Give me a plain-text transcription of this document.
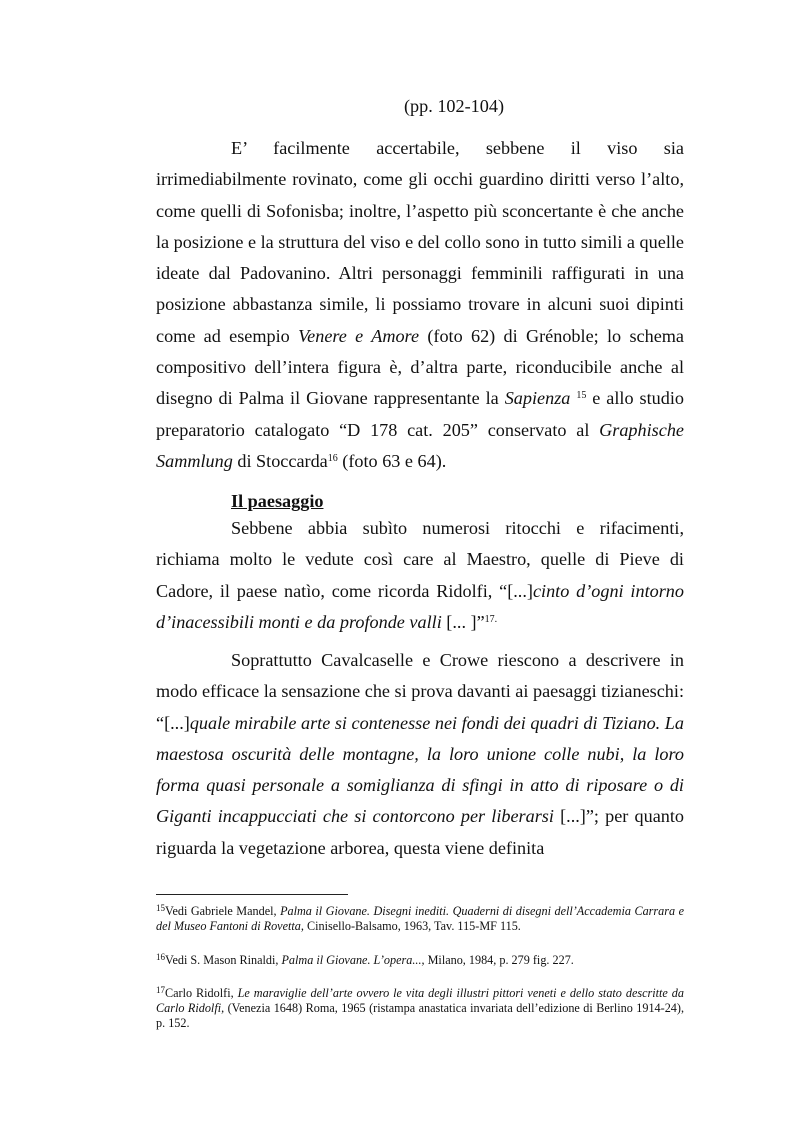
(pp. 102-104)

E’ facilmente accertabile, sebbene il viso sia irrimediabilmente rovinato, come gli occhi guardino diritti verso l’alto, come quelli di Sofonisba; inoltre, l’aspetto più sconcertante è che anche la posizione e la struttura del viso e del collo sono in tutto simili a quelle ideate dal Padovanino. Altri personaggi femminili raffigurati in una posizione abbastanza simile, li possiamo trovare in alcuni suoi dipinti come ad esempio Venere e Amore (foto 62) di Grénoble; lo schema compositivo dell’intera figura è, d’altra parte, riconducibile anche al disegno di Palma il Giovane rappresentante la Sapienza $^{15}$ e allo studio preparatorio catalogato “D 178 cat. 205” conservato al Graphische Sammlung di Stoccarda$^{16}$ (foto 63 e 64).

Il paesaggio

Sebbene abbia subìto numerosi ritocchi e rifacimenti, richiama molto le vedute così care al Maestro, quelle di Pieve di Cadore, il paese natìo, come ricorda Ridolfi, “[...]cinto d’ogni intorno d’inacessibili monti e da profonde valli [... ]”$^{17.}$

Soprattutto Cavalcaselle e Crowe riescono a descrivere in modo efficace la sensazione che si prova davanti ai paesaggi tizianeschi: “[...]quale mirabile arte si contenesse nei fondi dei quadri di Tiziano. La maestosa oscurità delle montagne, la loro unione colle nubi, la loro forma quasi personale a somiglianza di sfingi in atto di riposare o di Giganti incappucciati che si contorcono per liberarsi [...]”; per quanto riguarda la vegetazione arborea, questa viene definita

$^{15}$Vedi Gabriele Mandel, Palma il Giovane. Disegni inediti. Quaderni di disegni dell’Accademia Carrara e del Museo Fantoni di Rovetta, Cinisello-Balsamo, 1963, Tav. 115-MF 115.

$^{16}$Vedi S. Mason Rinaldi, Palma il Giovane. L’opera..., Milano, 1984, p. 279 fig. 227.

$^{17}$Carlo Ridolfi, Le maraviglie dell’arte ovvero le vita degli illustri pittori veneti e dello stato descritte da Carlo Ridolfi, (Venezia 1648) Roma, 1965 (ristampa anastatica invariata dell’edizione di Berlino 1914-24), p. 152.
